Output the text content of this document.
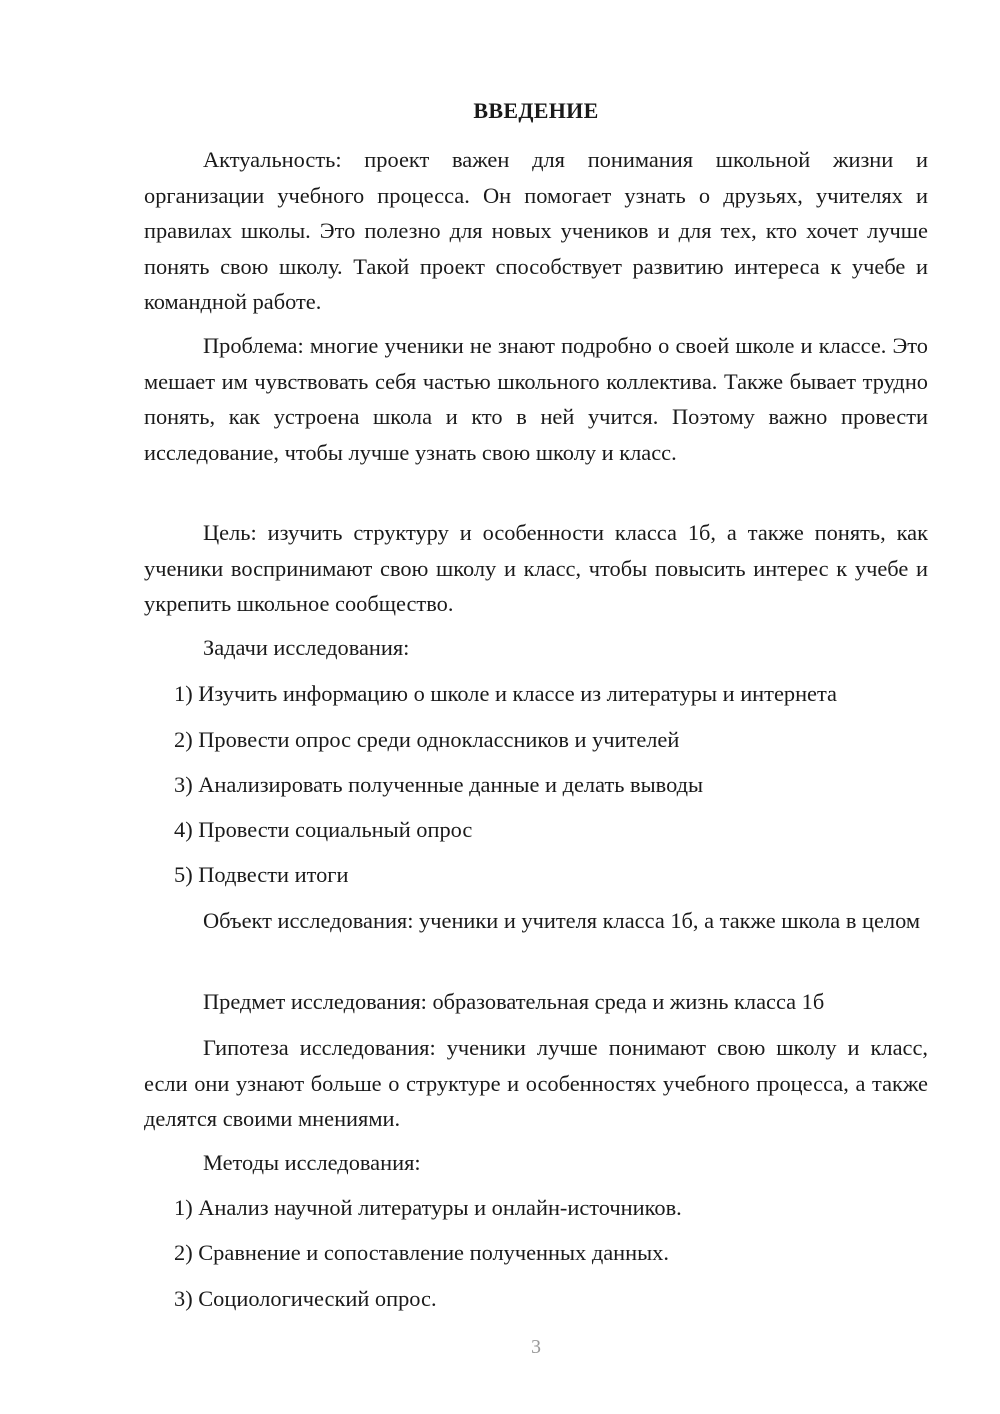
ВВЕДЕНИЕ

Актуальность: проект важен для понимания школьной жизни и организации учебного процесса. Он помогает узнать о друзьях, учителях и правилах школы. Это полезно для новых учеников и для тех, кто хочет лучше понять свою школу. Такой проект способствует развитию интереса к учебе и командной работе.

Проблема: многие ученики не знают подробно о своей школе и классе. Это мешает им чувствовать себя частью школьного коллектива. Также бывает трудно понять, как устроена школа и кто в ней учится. Поэтому важно провести исследование, чтобы лучше узнать свою школу и класс.

Цель: изучить структуру и особенности класса 1б, а также понять, как ученики воспринимают свою школу и класс, чтобы повысить интерес к учебе и укрепить школьное сообщество.

Задачи исследования:

1) Изучить информацию о школе и классе из литературы и интернета

2) Провести опрос среди одноклассников и учителей

3) Анализировать полученные данные и делать выводы

4) Провести социальный опрос

5) Подвести итоги

Объект исследования: ученики и учителя класса 1б, а также школа в целом

Предмет исследования: образовательная среда и жизнь класса 1б

Гипотеза исследования: ученики лучше понимают свою школу и класс, если они узнают больше о структуре и особенностях учебного процесса, а также делятся своими мнениями.

Методы исследования:

1) Анализ научной литературы и онлайн-источников.

2) Сравнение и сопоставление полученных данных.

3) Социологический опрос.

3
